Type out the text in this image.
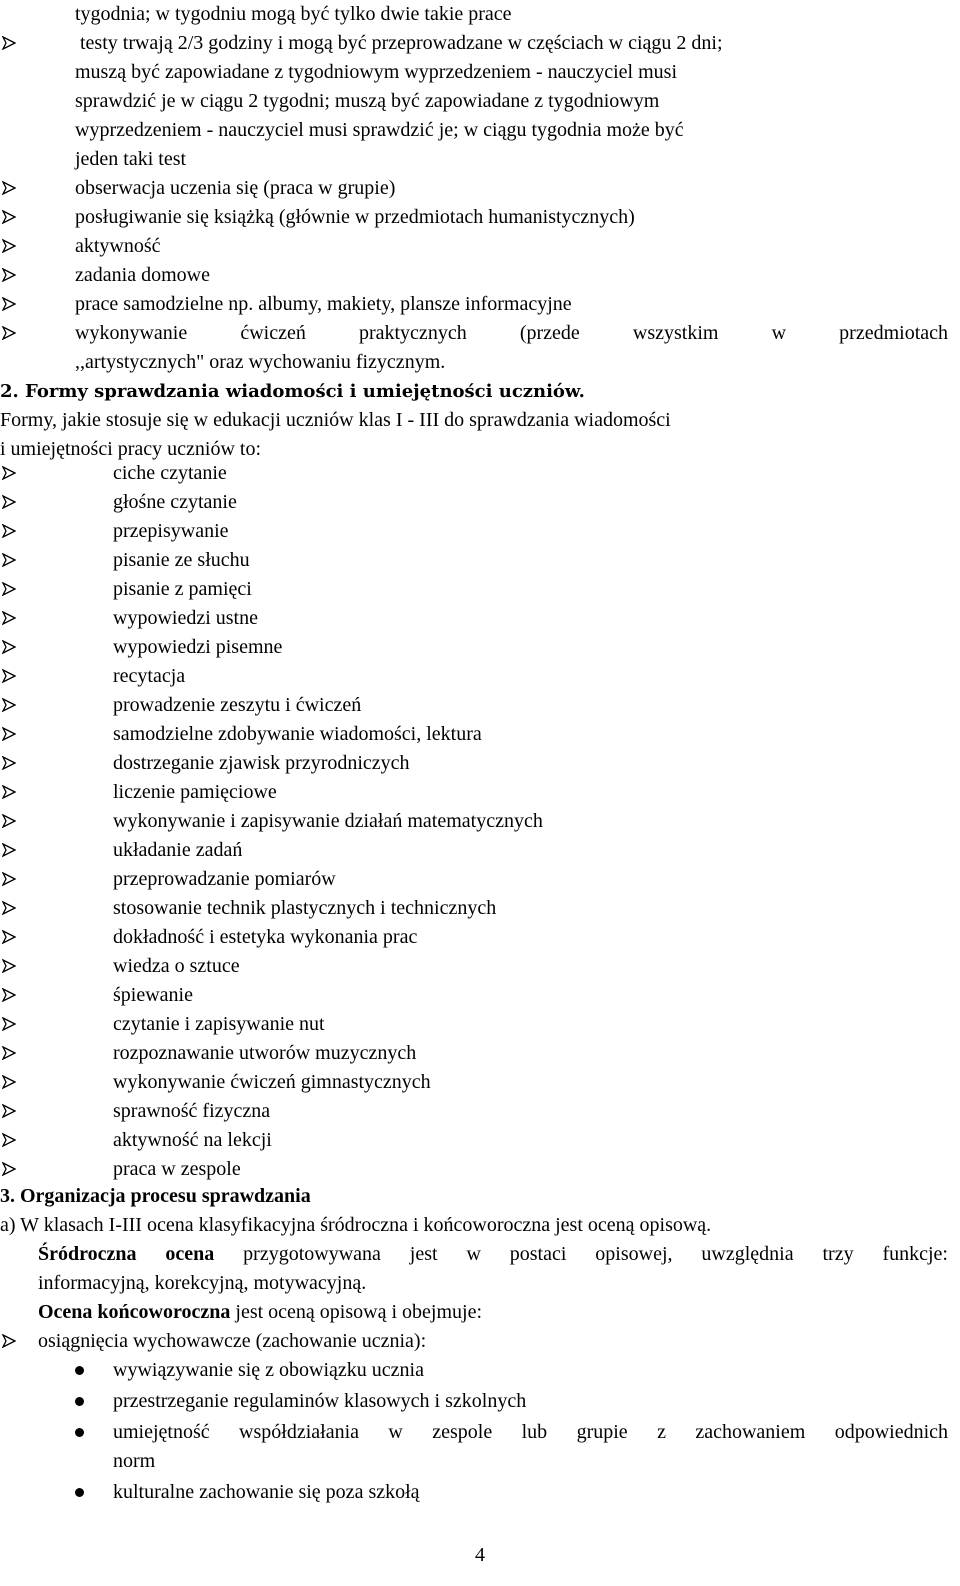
tygodnia; w tygodniu mogą być tylko dwie takie prace
testy trwają 2/3 godziny i mogą być przeprowadzane w częściach w ciągu 2 dni;
muszą być zapowiadane z tygodniowym wyprzedzeniem - nauczyciel musi
sprawdzić je w ciągu 2 tygodni; muszą być zapowiadane z tygodniowym
wyprzedzeniem - nauczyciel musi sprawdzić je; w ciągu tygodnia może być
jeden taki test
obserwacja uczenia się (praca w grupie)
posługiwanie się książką (głównie w przedmiotach humanistycznych)
aktywność
zadania domowe
prace samodzielne np. albumy, makiety, plansze informacyjne
wykonywanie ćwiczeń praktycznych (przede wszystkim w przedmiotach
,,artystycznych" oraz wychowaniu fizycznym.
2. Formy sprawdzania wiadomości i umiejętności uczniów.
Formy, jakie stosuje się w edukacji uczniów klas I - III do sprawdzania wiadomości
i umiejętności pracy uczniów to:
ciche czytanie
głośne czytanie
przepisywanie
pisanie ze słuchu
pisanie z pamięci
wypowiedzi ustne
wypowiedzi pisemne
recytacja
prowadzenie zeszytu i ćwiczeń
samodzielne zdobywanie wiadomości, lektura
dostrzeganie zjawisk przyrodniczych
liczenie pamięciowe
wykonywanie i zapisywanie działań matematycznych
układanie zadań
przeprowadzanie pomiarów
stosowanie technik plastycznych i technicznych
dokładność i estetyka wykonania prac
wiedza o sztuce
śpiewanie
czytanie i zapisywanie nut
rozpoznawanie utworów muzycznych
wykonywanie ćwiczeń gimnastycznych
sprawność fizyczna
aktywność na lekcji
praca w zespole
3. Organizacja procesu sprawdzania
a) W klasach I-III ocena klasyfikacyjna śródroczna i końcoworoczna jest oceną opisową.
Śródroczna ocena przygotowywana jest w postaci opisowej, uwzględnia trzy funkcje:
informacyjną, korekcyjną, motywacyjną.
Ocena końcoworoczna jest oceną opisową i obejmuje:
osiągnięcia wychowawcze (zachowanie ucznia):
wywiązywanie się z obowiązku ucznia
przestrzeganie regulaminów klasowych i szkolnych
umiejętność współdziałania w zespole lub grupie z zachowaniem odpowiednich
norm
kulturalne zachowanie się poza szkołą
4
